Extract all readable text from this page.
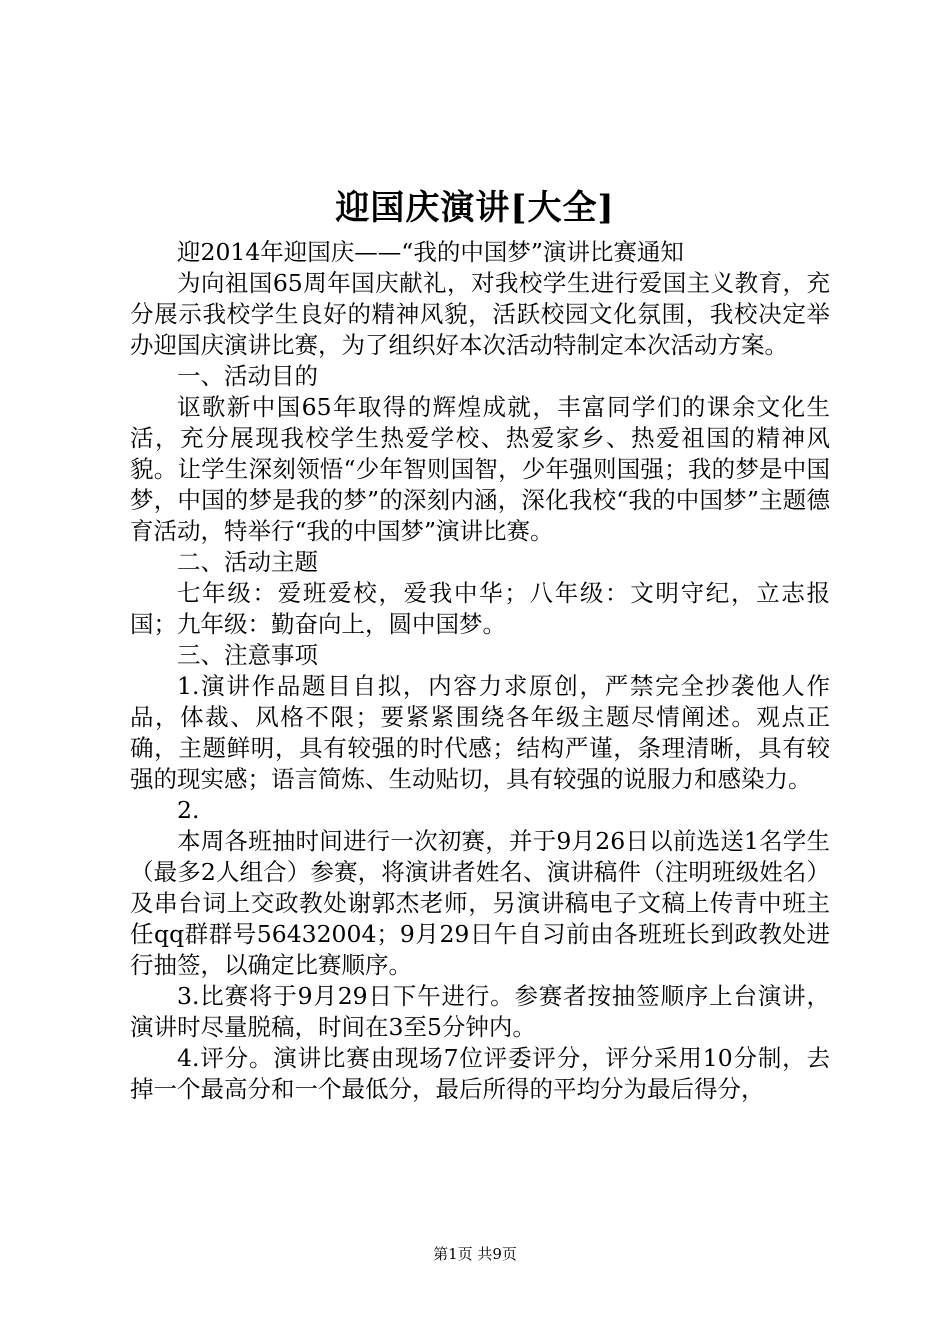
迎国庆演讲[大全]

迎2014年迎国庆——“我的中国梦”演讲比赛通知

为向祖国65周年国庆献礼，对我校学生进行爱国主义教育，充分展示我校学生良好的精神风貌，活跃校园文化氛围，我校决定举办迎国庆演讲比赛，为了组织好本次活动特制定本次活动方案。

一、活动目的

讴歌新中国65年取得的辉煌成就，丰富同学们的课余文化生活，充分展现我校学生热爱学校、热爱家乡、热爱祖国的精神风貌。让学生深刻领悟“少年智则国智，少年强则国强；我的梦是中国梦，中国的梦是我的梦”的深刻内涵，深化我校“我的中国梦”主题德育活动，特举行“我的中国梦”演讲比赛。

二、活动主题

七年级：爱班爱校，爱我中华；八年级：文明守纪，立志报国；九年级：勤奋向上，圆中国梦。

三、注意事项

1.演讲作品题目自拟，内容力求原创，严禁完全抄袭他人作品，体裁、风格不限；要紧紧围绕各年级主题尽情阐述。观点正确，主题鲜明，具有较强的时代感；结构严谨，条理清晰，具有较强的现实感；语言简炼、生动贴切，具有较强的说服力和感染力。

2.

本周各班抽时间进行一次初赛，并于9月26日以前选送1名学生（最多2人组合）参赛，将演讲者姓名、演讲稿件（注明班级姓名）及串台词上交政教处谢郭杰老师，另演讲稿电子文稿上传青中班主任qq群群号56432004；9月29日午自习前由各班班长到政教处进行抽签，以确定比赛顺序。

3.比赛将于9月29日下午进行。参赛者按抽签顺序上台演讲，演讲时尽量脱稿，时间在3至5分钟内。

4.评分。演讲比赛由现场7位评委评分，评分采用10分制，去掉一个最高分和一个最低分，最后所得的平均分为最后得分，

第1页 共9页
